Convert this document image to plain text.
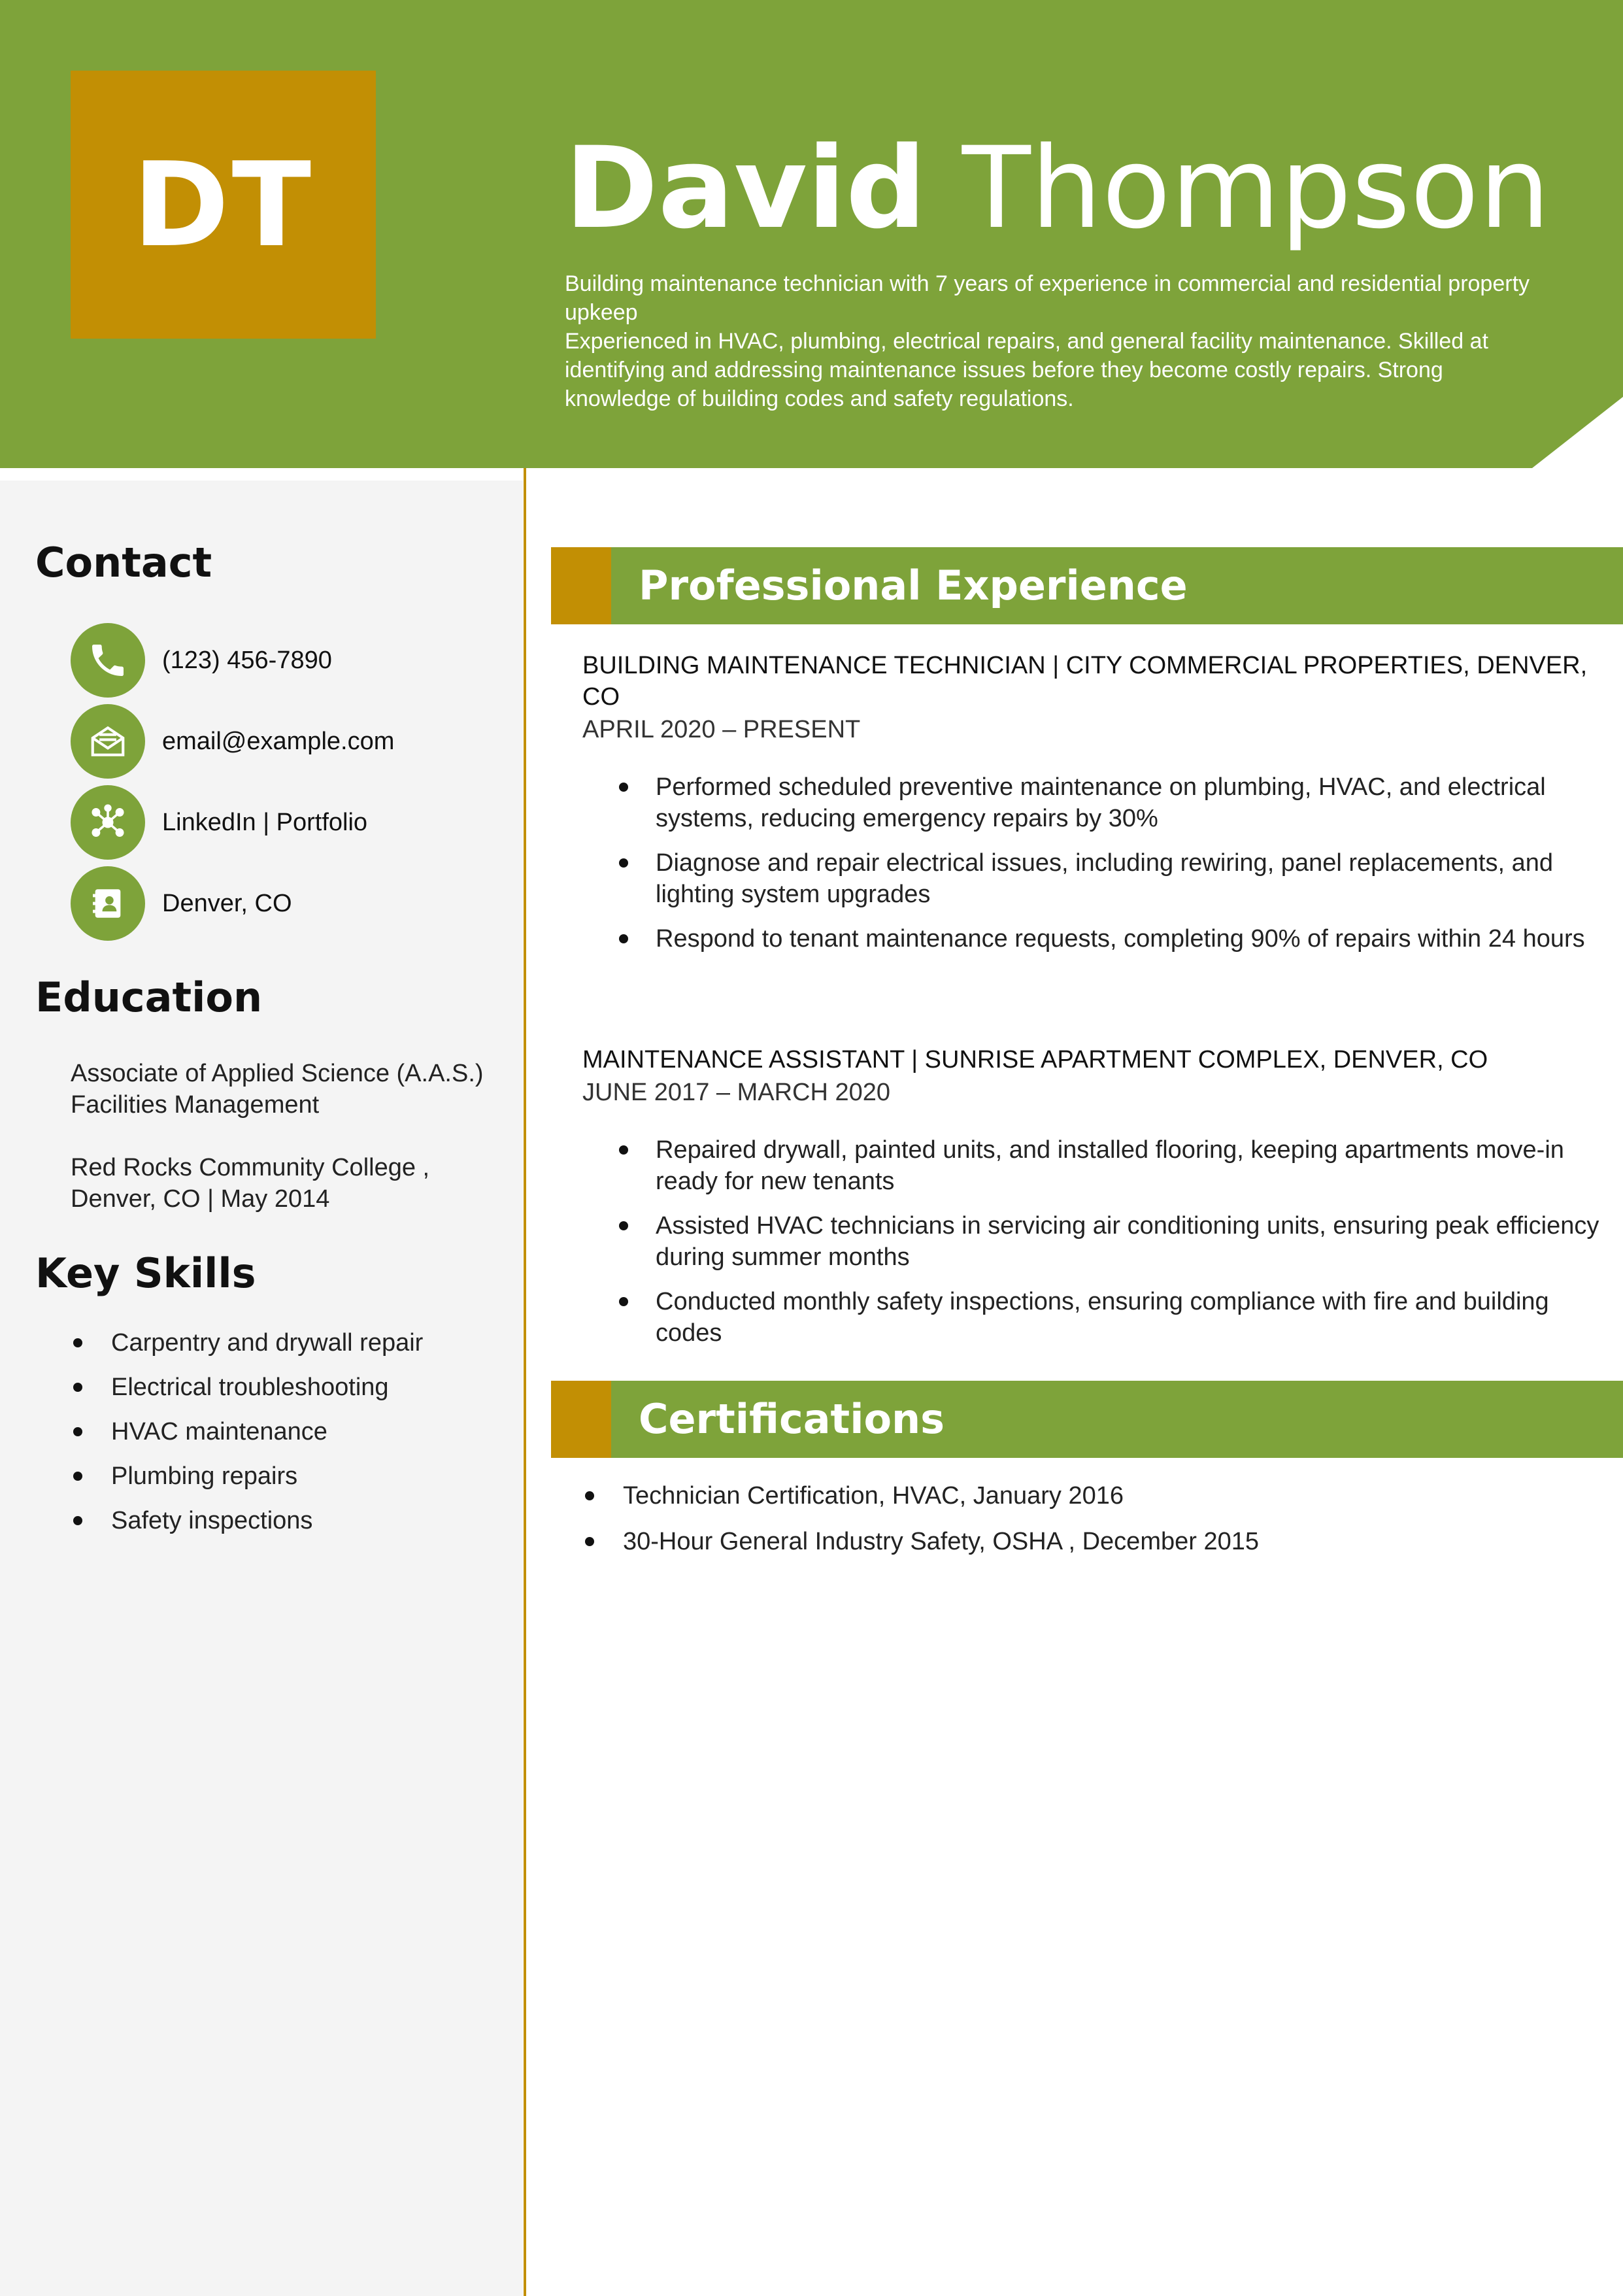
DT	David Thompson
Building maintenance technician with 7 years of experience in commercial and residential property upkeep
Experienced in HVAC, plumbing, electrical repairs, and general facility maintenance. Skilled at identifying and addressing maintenance issues before they become costly repairs. Strong knowledge of building codes and safety regulations.
Contact
(123) 456-7890
email@example.com
LinkedIn | Portfolio
Denver, CO
Education
Associate of Applied Science (A.A.S.) Facilities Management
Red Rocks Community College , Denver, CO | May 2014
Key Skills
Carpentry and drywall repair
Electrical troubleshooting
HVAC maintenance
Plumbing repairs
Safety inspections
Professional Experience
BUILDING MAINTENANCE TECHNICIAN | CITY COMMERCIAL PROPERTIES, DENVER, CO
APRIL 2020 – PRESENT
Performed scheduled preventive maintenance on plumbing, HVAC, and electrical systems, reducing emergency repairs by 30%
Diagnose and repair electrical issues, including rewiring, panel replacements, and lighting system upgrades
Respond to tenant maintenance requests, completing 90% of repairs within 24 hours
MAINTENANCE ASSISTANT | SUNRISE APARTMENT COMPLEX, DENVER, CO
JUNE 2017 – MARCH 2020
Repaired drywall, painted units, and installed flooring, keeping apartments move-in ready for new tenants
Assisted HVAC technicians in servicing air conditioning units, ensuring peak efficiency during summer months
Conducted monthly safety inspections, ensuring compliance with fire and building codes
Certifications
Technician Certification, HVAC, January 2016
30-Hour General Industry Safety, OSHA , December 2015
